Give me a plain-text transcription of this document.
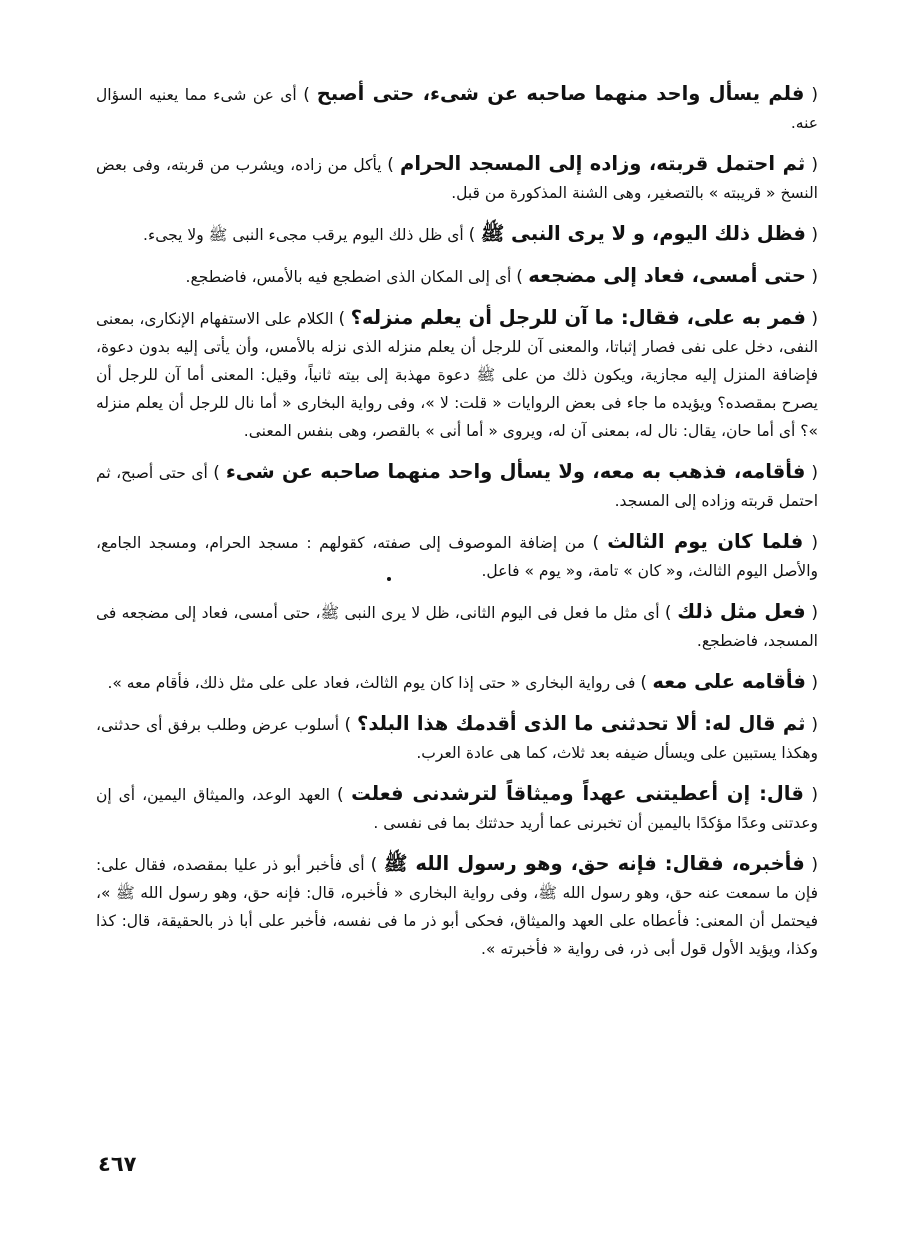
( فلم يسأل واحد منهما صاحبه عن شىء، حتى أصبح ) أى عن شىء مما يعنيه السؤال عنه.

( ثم احتمل قربته، وزاده إلى المسجد الحرام ) يأكل من زاده، ويشرب من قربته، وفى بعض النسخ « قريبته » بالتصغير، وهى الشنة المذكورة من قبل.

( فظل ذلك اليوم، و لا يرى النبى ﷺ ) أى ظل ذلك اليوم يرقب مجىء النبى ﷺ ولا يجىء.

( حتى أمسى، فعاد إلى مضجعه ) أى إلى المكان الذى اضطجع فيه بالأمس، فاضطجع.

( فمر به على، فقال: ما آن للرجل أن يعلم منزله؟ ) الكلام على الاستفهام الإنكارى، بمعنى النفى، دخل على نفى فصار إثباتا، والمعنى آن للرجل أن يعلم منزله الذى نزله بالأمس، وأن يأتى إليه بدون دعوة، فإضافة المنزل إليه مجازية، ويكون ذلك من على ﷺ دعوة مهذبة إلى بيته ثانياً، وقيل: المعنى أما آن للرجل أن يصرح بمقصده؟ ويؤيده ما جاء فى بعض الروايات « قلت: لا »، وفى رواية البخارى « أما نال للرجل أن يعلم منزله »؟ أى أما حان، يقال: نال له، بمعنى آن له، ويروى « أما أنى » بالقصر، وهى بنفس المعنى.

( فأقامه، فذهب به معه، ولا يسأل واحد منهما صاحبه عن شىء ) أى حتى أصبح، ثم احتمل قربته وزاده إلى المسجد.

( فلما كان يوم الثالث ) من إضافة الموصوف إلى صفته، كقولهم : مسجد الحرام، ومسجد الجامع، والأصل اليوم الثالث، و« كان » تامة، و« يوم » فاعل.

( فعل مثل ذلك ) أى مثل ما فعل فى اليوم الثانى، ظل لا يرى النبى ﷺ، حتى أمسى، فعاد إلى مضجعه فى المسجد، فاضطجع.

( فأقامه على معه ) فى رواية البخارى « حتى إذا كان يوم الثالث، فعاد على على مثل ذلك، فأقام معه ».

( ثم قال له: ألا تحدثنى ما الذى أقدمك هذا البلد؟ ) أسلوب عرض وطلب برفق أى حدثنى، وهكذا يستبين على ويسأل ضيفه بعد ثلاث، كما هى عادة العرب.

( قال: إن أعطيتنى عهداً وميثاقاً لترشدنى فعلت ) العهد الوعد، والميثاق اليمين، أى إن وعدتنى وعدًا مؤكدًا باليمين أن تخبرنى عما أريد حدثتك بما فى نفسى .

( فأخبره، فقال: فإنه حق، وهو رسول الله ﷺ ) أى فأخبر أبو ذر عليا بمقصده، فقال على: فإن ما سمعت عنه حق، وهو رسول الله ﷺ، وفى رواية البخارى « فأخبره، قال: فإنه حق، وهو رسول الله ﷺ »، فيحتمل أن المعنى: فأعطاه على العهد والميثاق، فحكى أبو ذر ما فى نفسه، فأخبر على أبا ذر بالحقيقة، قال: كذا وكذا، ويؤيد الأول قول أبى ذر، فى رواية « فأخبرته ».

٤٦٧
